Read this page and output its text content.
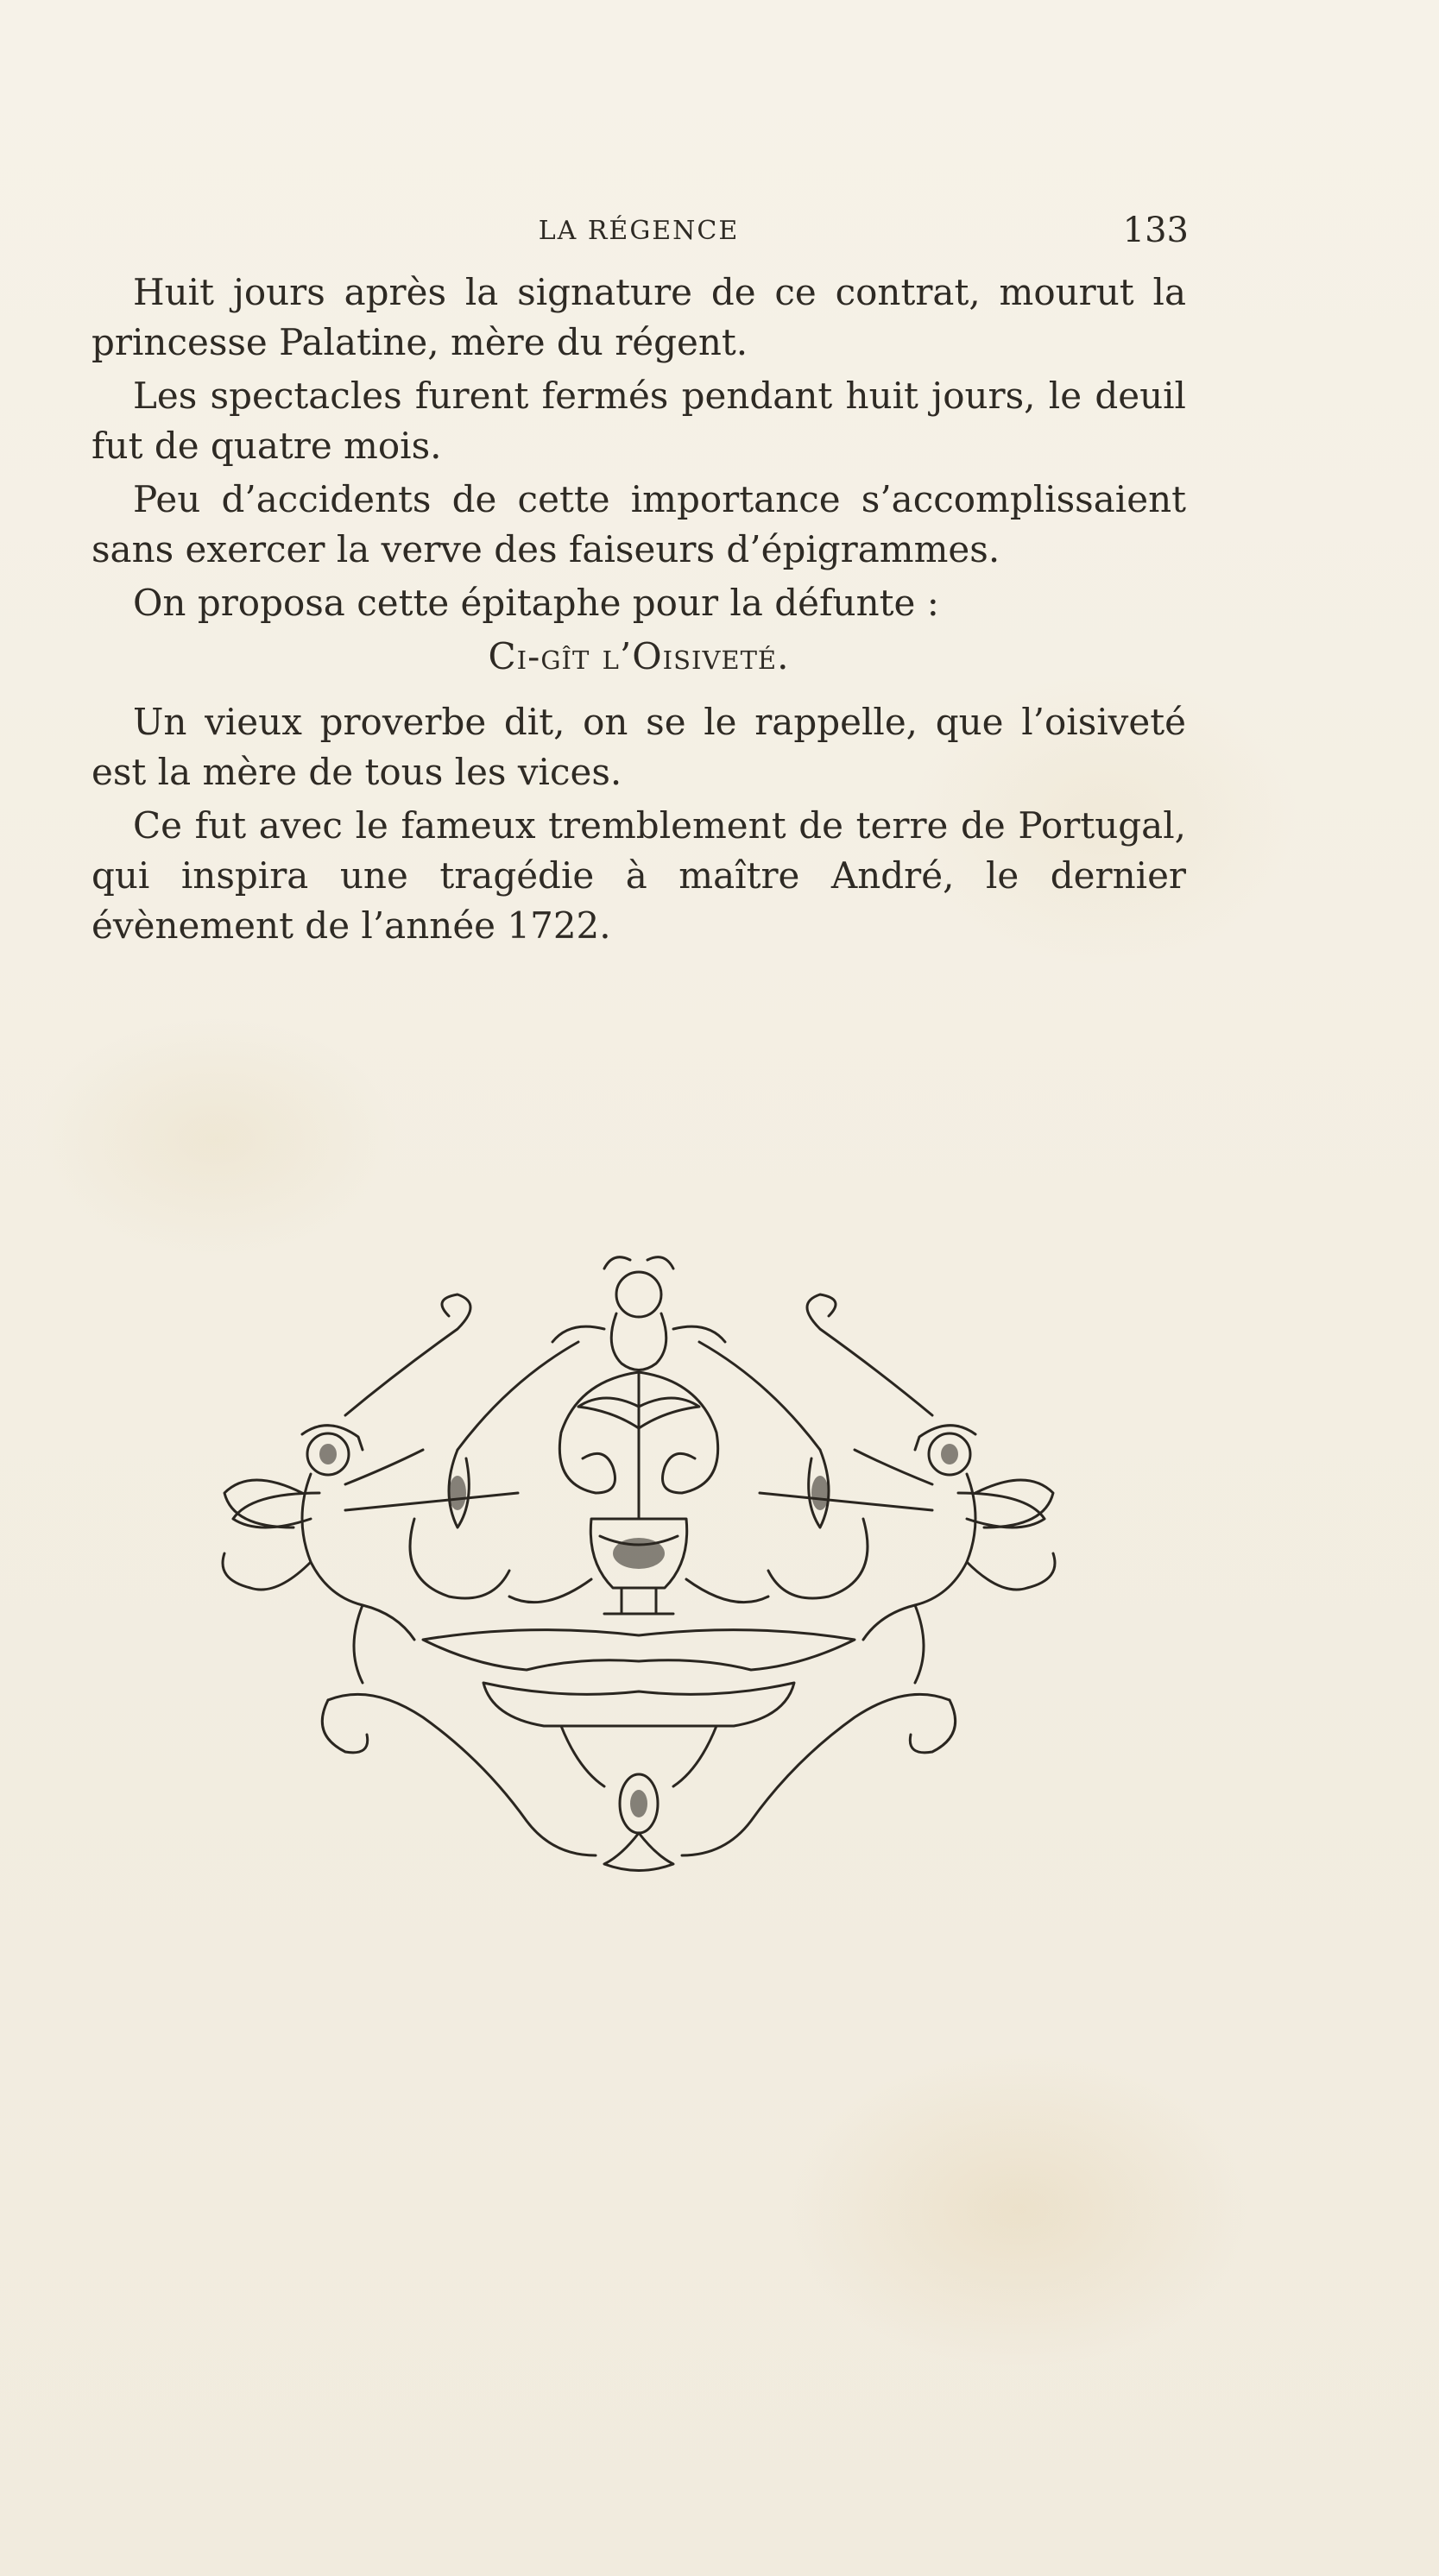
LA RÉGENCE	133

Huit jours après la signature de ce contrat, mourut la princesse Palatine, mère du régent.

Les spectacles furent fermés pendant huit jours, le deuil fut de quatre mois.

Peu d’accidents de cette importance s’accomplissaient sans exercer la verve des faiseurs d’épigrammes.

On proposa cette épitaphe pour la défunte :

Ci-gît l’Oisiveté.

Un vieux proverbe dit, on se le rappelle, que l’oisiveté est la mère de tous les vices.

Ce fut avec le fameux tremblement de terre de Portugal, qui inspira une tragédie à maître André, le dernier évènement de l’année 1722.
